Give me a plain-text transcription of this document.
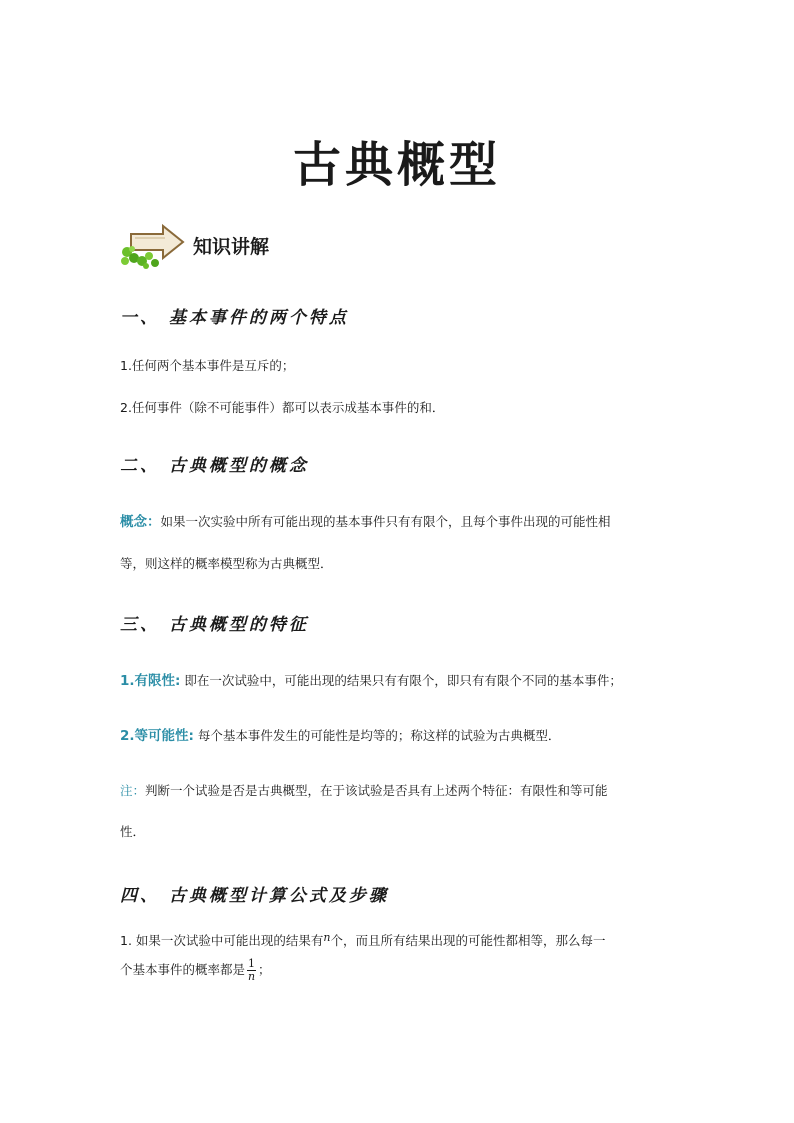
古典概型
知识讲解
一、 基本事件的两个特点
1.任何两个基本事件是互斥的；
2.任何事件（除不可能事件）都可以表示成基本事件的和．
二、 古典概型的概念
概念：如果一次实验中所有可能出现的基本事件只有有限个，且每个事件出现的可能性相
等，则这样的概率模型称为古典概型．
三、 古典概型的特征
1.有限性: 即在一次试验中，可能出现的结果只有有限个，即只有有限个不同的基本事件；
2.等可能性: 每个基本事件发生的可能性是均等的；称这样的试验为古典概型．
注：判断一个试验是否是古典概型，在于该试验是否具有上述两个特征：有限性和等可能
性．
四、 古典概型计算公式及步骤
1. 如果一次试验中可能出现的结果有n个，而且所有结果出现的可能性都相等，那么每一
个基本事件的概率都是 $\frac{1}{n}$ ；
